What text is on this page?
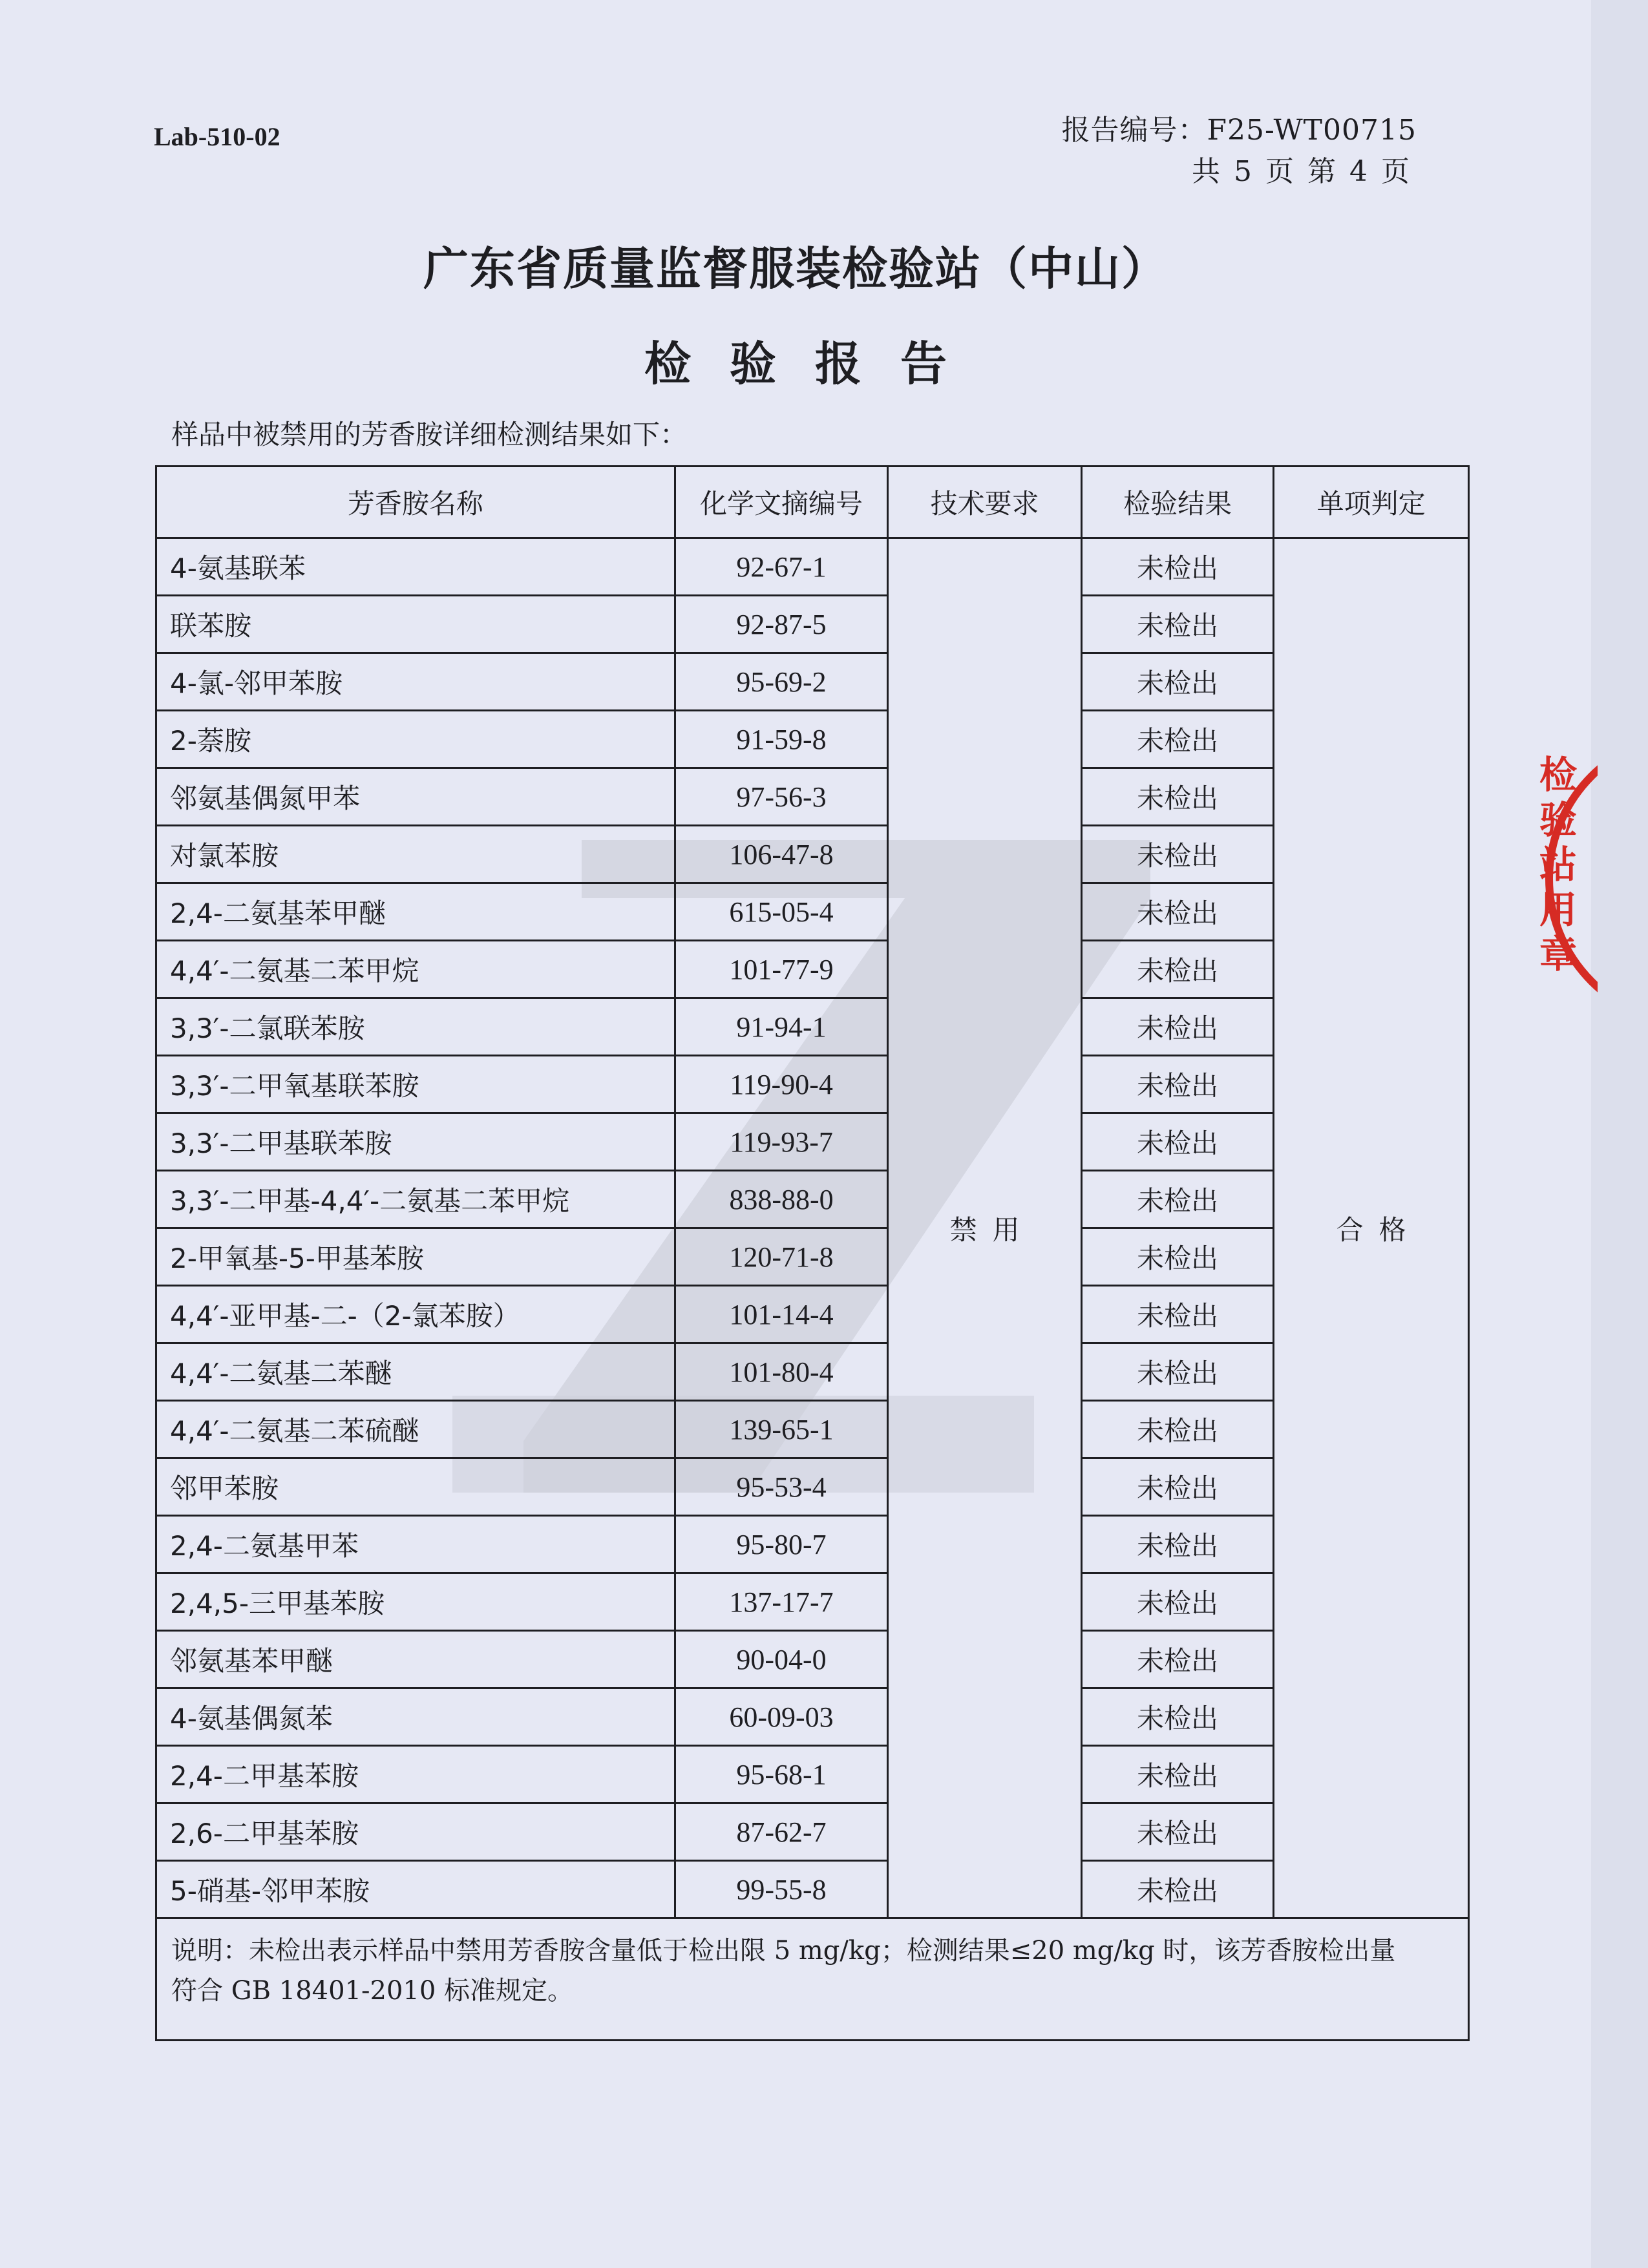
Lab-510-02	报告编号：F25-WT00715
共 5 页 第 4 页
广东省质量监督服装检验站（中山）
检验报告
样品中被禁用的芳香胺详细检测结果如下：
芳香胺名称	化学文摘编号	技术要求	检验结果	单项判定
4-氨基联苯	92-67-1	禁用	未检出	合格
联苯胺	92-87-5		未检出	
4-氯-邻甲苯胺	95-69-2		未检出	
2-萘胺	91-59-8		未检出	
邻氨基偶氮甲苯	97-56-3		未检出	
对氯苯胺	106-47-8		未检出	
2,4-二氨基苯甲醚	615-05-4		未检出	
4,4′-二氨基二苯甲烷	101-77-9		未检出	
3,3′-二氯联苯胺	91-94-1		未检出	
3,3′-二甲氧基联苯胺	119-90-4		未检出	
3,3′-二甲基联苯胺	119-93-7		未检出	
3,3′-二甲基-4,4′-二氨基二苯甲烷	838-88-0		未检出	
2-甲氧基-5-甲基苯胺	120-71-8		未检出	
4,4′-亚甲基-二-（2-氯苯胺）	101-14-4		未检出	
4,4′-二氨基二苯醚	101-80-4		未检出	
4,4′-二氨基二苯硫醚	139-65-1		未检出	
邻甲苯胺	95-53-4		未检出	
2,4-二氨基甲苯	95-80-7		未检出	
2,4,5-三甲基苯胺	137-17-7		未检出	
邻氨基苯甲醚	90-04-0		未检出	
4-氨基偶氮苯	60-09-03		未检出	
2,4-二甲基苯胺	95-68-1		未检出	
2,6-二甲基苯胺	87-62-7		未检出	
5-硝基-邻甲苯胺	99-55-8		未检出	

说明：未检出表示样品中禁用芳香胺含量低于检出限 5 mg/kg；检测结果≤20 mg/kg 时，该芳香胺检出量
符合 GB 18401-2010 标准规定。				
检验站 用章
